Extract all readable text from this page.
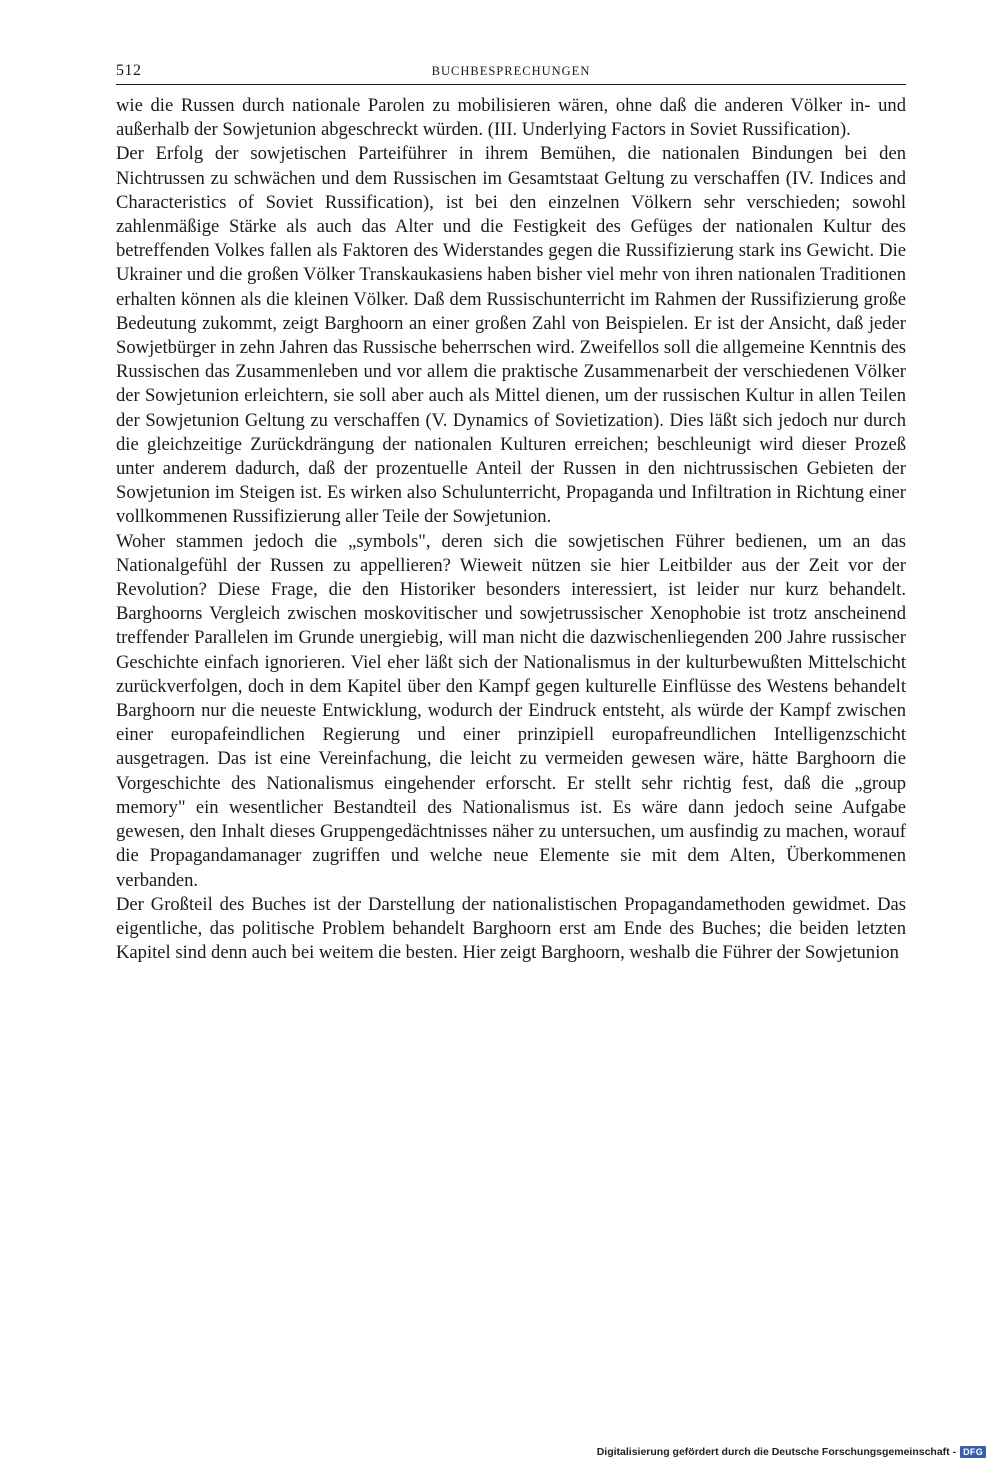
512	BUCHBESPRECHUNGEN

wie die Russen durch nationale Parolen zu mobilisieren wären, ohne daß die anderen Völker in- und außerhalb der Sowjetunion abgeschreckt würden. (III. Underlying Factors in Soviet Russification).

Der Erfolg der sowjetischen Parteiführer in ihrem Bemühen, die nationalen Bindungen bei den Nichtrussen zu schwächen und dem Russischen im Gesamtstaat Geltung zu verschaffen (IV. Indices and Characteristics of Soviet Russification), ist bei den einzelnen Völkern sehr verschieden; sowohl zahlenmäßige Stärke als auch das Alter und die Festigkeit des Gefüges der nationalen Kultur des betreffenden Volkes fallen als Faktoren des Widerstandes gegen die Russifizierung stark ins Gewicht. Die Ukrainer und die großen Völker Transkaukasiens haben bisher viel mehr von ihren nationalen Traditionen erhalten können als die kleinen Völker. Daß dem Russischunterricht im Rahmen der Russifizierung große Bedeutung zukommt, zeigt Barghoorn an einer großen Zahl von Beispielen. Er ist der Ansicht, daß jeder Sowjetbürger in zehn Jahren das Russische beherrschen wird. Zweifellos soll die allgemeine Kenntnis des Russischen das Zusammenleben und vor allem die praktische Zusammenarbeit der verschiedenen Völker der Sowjetunion erleichtern, sie soll aber auch als Mittel dienen, um der russischen Kultur in allen Teilen der Sowjetunion Geltung zu verschaffen (V. Dynamics of Sovietization). Dies läßt sich jedoch nur durch die gleichzeitige Zurückdrängung der nationalen Kulturen erreichen; beschleunigt wird dieser Prozeß unter anderem dadurch, daß der prozentuelle Anteil der Russen in den nichtrussischen Gebieten der Sowjetunion im Steigen ist. Es wirken also Schulunterricht, Propaganda und Infiltration in Richtung einer vollkommenen Russifizierung aller Teile der Sowjetunion.

Woher stammen jedoch die „symbols", deren sich die sowjetischen Führer bedienen, um an das Nationalgefühl der Russen zu appellieren? Wieweit nützen sie hier Leitbilder aus der Zeit vor der Revolution? Diese Frage, die den Historiker besonders interessiert, ist leider nur kurz behandelt. Barghoorns Vergleich zwischen moskovitischer und sowjetrussischer Xenophobie ist trotz anscheinend treffender Parallelen im Grunde unergiebig, will man nicht die dazwischenliegenden 200 Jahre russischer Geschichte einfach ignorieren. Viel eher läßt sich der Nationalismus in der kulturbewußten Mittelschicht zurückverfolgen, doch in dem Kapitel über den Kampf gegen kulturelle Einflüsse des Westens behandelt Barghoorn nur die neueste Entwicklung, wodurch der Eindruck entsteht, als würde der Kampf zwischen einer europafeindlichen Regierung und einer prinzipiell europafreundlichen Intelligenzschicht ausgetragen. Das ist eine Vereinfachung, die leicht zu vermeiden gewesen wäre, hätte Barghoorn die Vorgeschichte des Nationalismus eingehender erforscht. Er stellt sehr richtig fest, daß die „group memory" ein wesentlicher Bestandteil des Nationalismus ist. Es wäre dann jedoch seine Aufgabe gewesen, den Inhalt dieses Gruppengedächtnisses näher zu untersuchen, um ausfindig zu machen, worauf die Propagandamanager zugriffen und welche neue Elemente sie mit dem Alten, Überkommenen verbanden.

Der Großteil des Buches ist der Darstellung der nationalistischen Propagandamethoden gewidmet. Das eigentliche, das politische Problem behandelt Barghoorn erst am Ende des Buches; die beiden letzten Kapitel sind denn auch bei weitem die besten. Hier zeigt Barghoorn, weshalb die Führer der Sowjetunion

Digitalisierung gefördert durch die Deutsche Forschungsgemeinschaft - DFG
